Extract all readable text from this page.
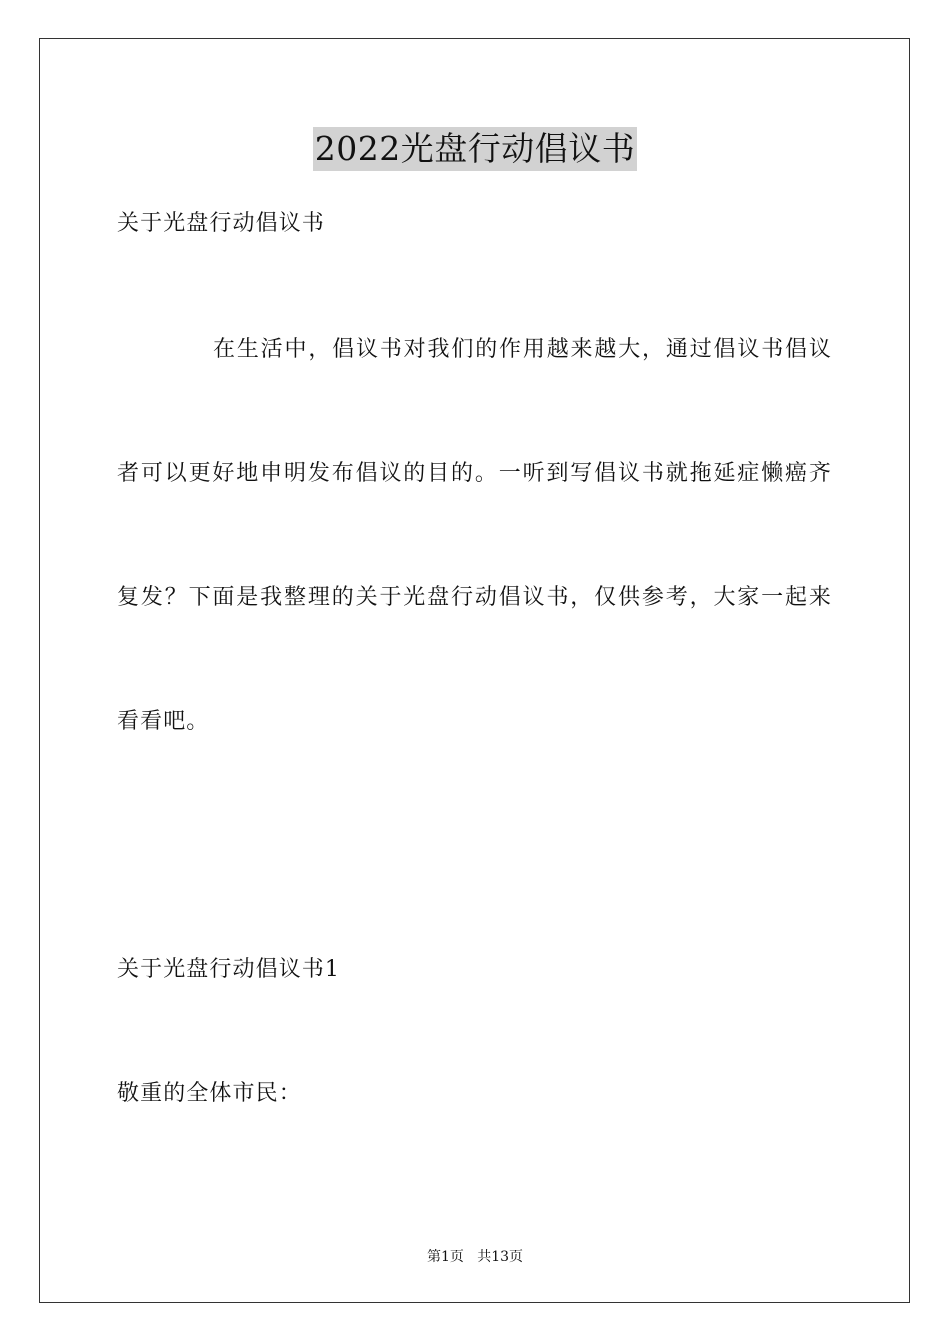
2022光盘行动倡议书
关于光盘行动倡议书
在生活中，倡议书对我们的作用越来越大，通过倡议书倡议
者可以更好地申明发布倡议的目的。一听到写倡议书就拖延症懒癌齐
复发？下面是我整理的关于光盘行动倡议书，仅供参考，大家一起来
看看吧。
关于光盘行动倡议书1
敬重的全体市民：
第1页   共13页
